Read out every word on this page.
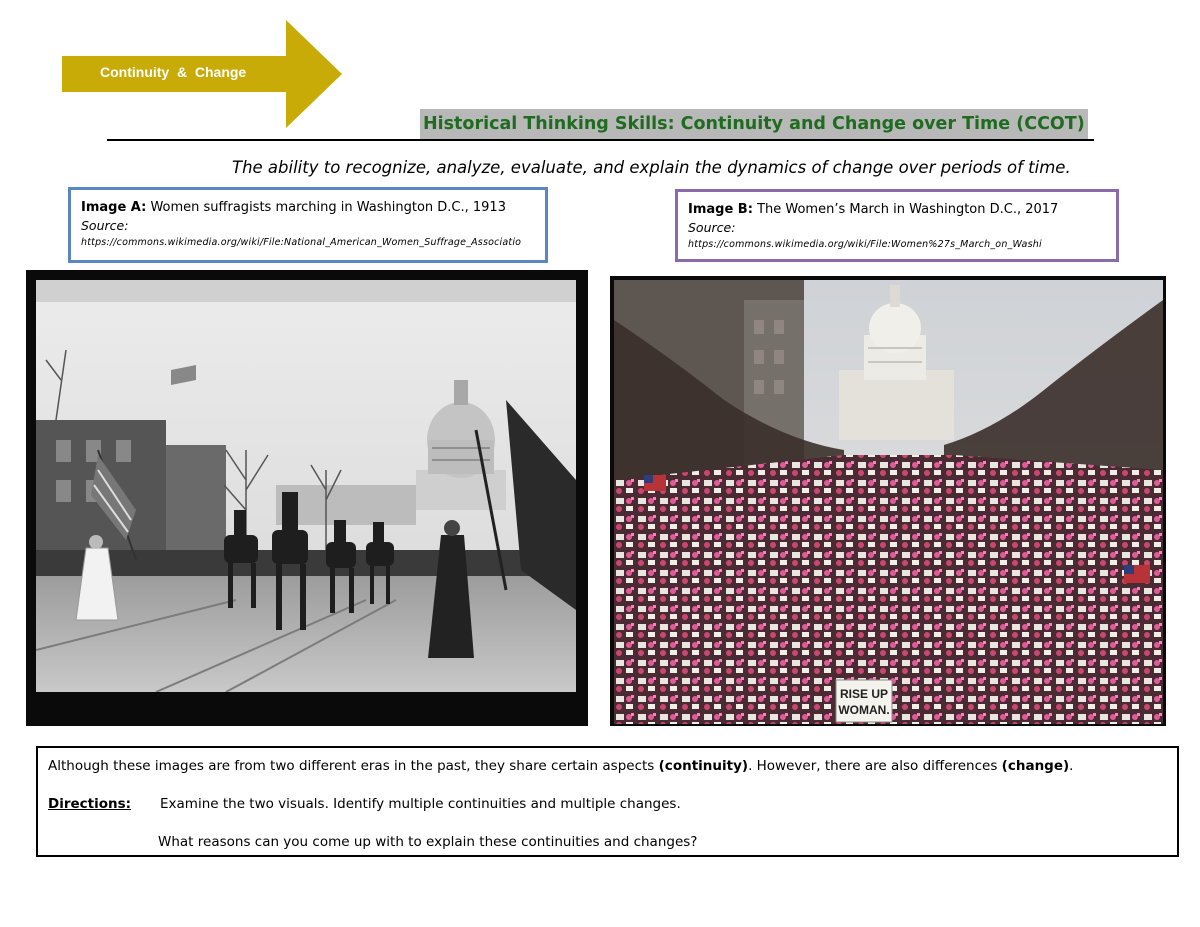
Continuity  &  Change
Historical Thinking Skills: Continuity and Change over Time (CCOT)
The ability to recognize, analyze, evaluate, and explain the dynamics of change over periods of time.
Image A: Women suffragists marching in Washington D.C., 1913
Source:
https://commons.wikimedia.org/wiki/File:National_American_Women_Suffrage_Associatio
Image B: The Women’s March in Washington D.C., 2017
Source:
https://commons.wikimedia.org/wiki/File:Women%27s_March_on_Washi
RISE UP
WOMAN.
Although these images are from two different eras in the past, they share certain aspects (continuity). However, there are also differences (change).
Directions: Examine the two visuals. Identify multiple continuities and multiple changes.
What reasons can you come up with to explain these continuities and changes?
